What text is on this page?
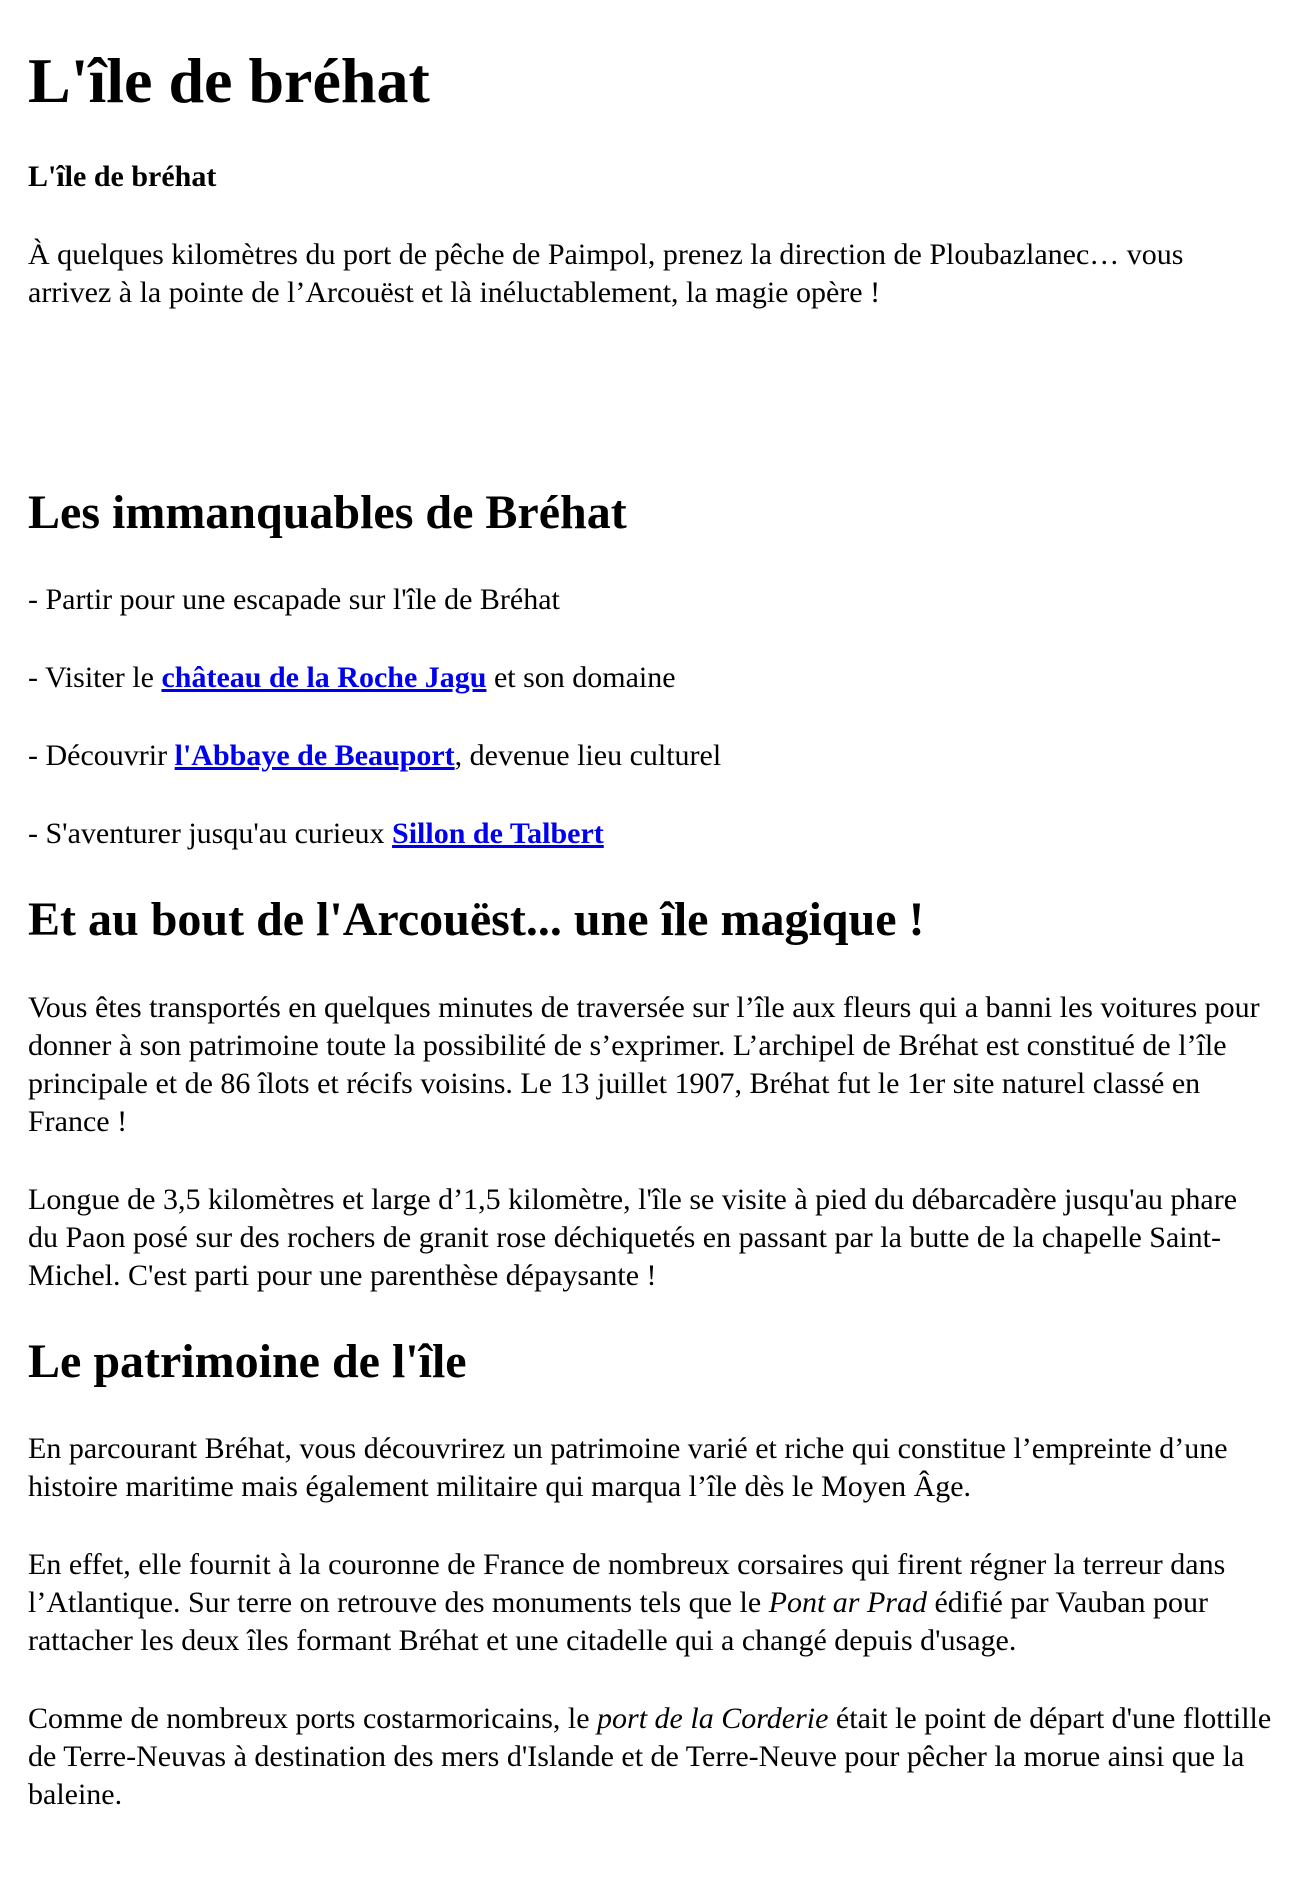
L'île de bréhat

L'île de bréhat

À quelques kilomètres du port de pêche de Paimpol, prenez la direction de Ploubazlanec… vous arrivez à la pointe de l’Arcouëst et là inéluctablement, la magie opère !

Les immanquables de Bréhat

- Partir pour une escapade sur l'île de Bréhat

- Visiter le château de la Roche Jagu et son domaine

- Découvrir l'Abbaye de Beauport, devenue lieu culturel

- S'aventurer jusqu'au curieux Sillon de Talbert

Et au bout de l'Arcouëst... une île magique !

Vous êtes transportés en quelques minutes de traversée sur l’île aux fleurs qui a banni les voitures pour donner à son patrimoine toute la possibilité de s’exprimer. L’archipel de Bréhat est constitué de l’île principale et de 86 îlots et récifs voisins. Le 13 juillet 1907, Bréhat fut le 1er site naturel classé en France !

Longue de 3,5 kilomètres et large d’1,5 kilomètre, l'île se visite à pied du débarcadère jusqu'au phare du Paon posé sur des rochers de granit rose déchiquetés en passant par la butte de la chapelle Saint-Michel. C'est parti pour une parenthèse dépaysante !

Le patrimoine de l'île

En parcourant Bréhat, vous découvrirez un patrimoine varié et riche qui constitue l’empreinte d’une histoire maritime mais également militaire qui marqua l’île dès le Moyen Âge.

En effet, elle fournit à la couronne de France de nombreux corsaires qui firent régner la terreur dans l’Atlantique. Sur terre on retrouve des monuments tels que le Pont ar Prad édifié par Vauban pour rattacher les deux îles formant Bréhat et une citadelle qui a changé depuis d'usage.

Comme de nombreux ports costarmoricains, le port de la Corderie était le point de départ d'une flottille de Terre-Neuvas à destination des mers d'Islande et de Terre-Neuve pour pêcher la morue ainsi que la baleine.
